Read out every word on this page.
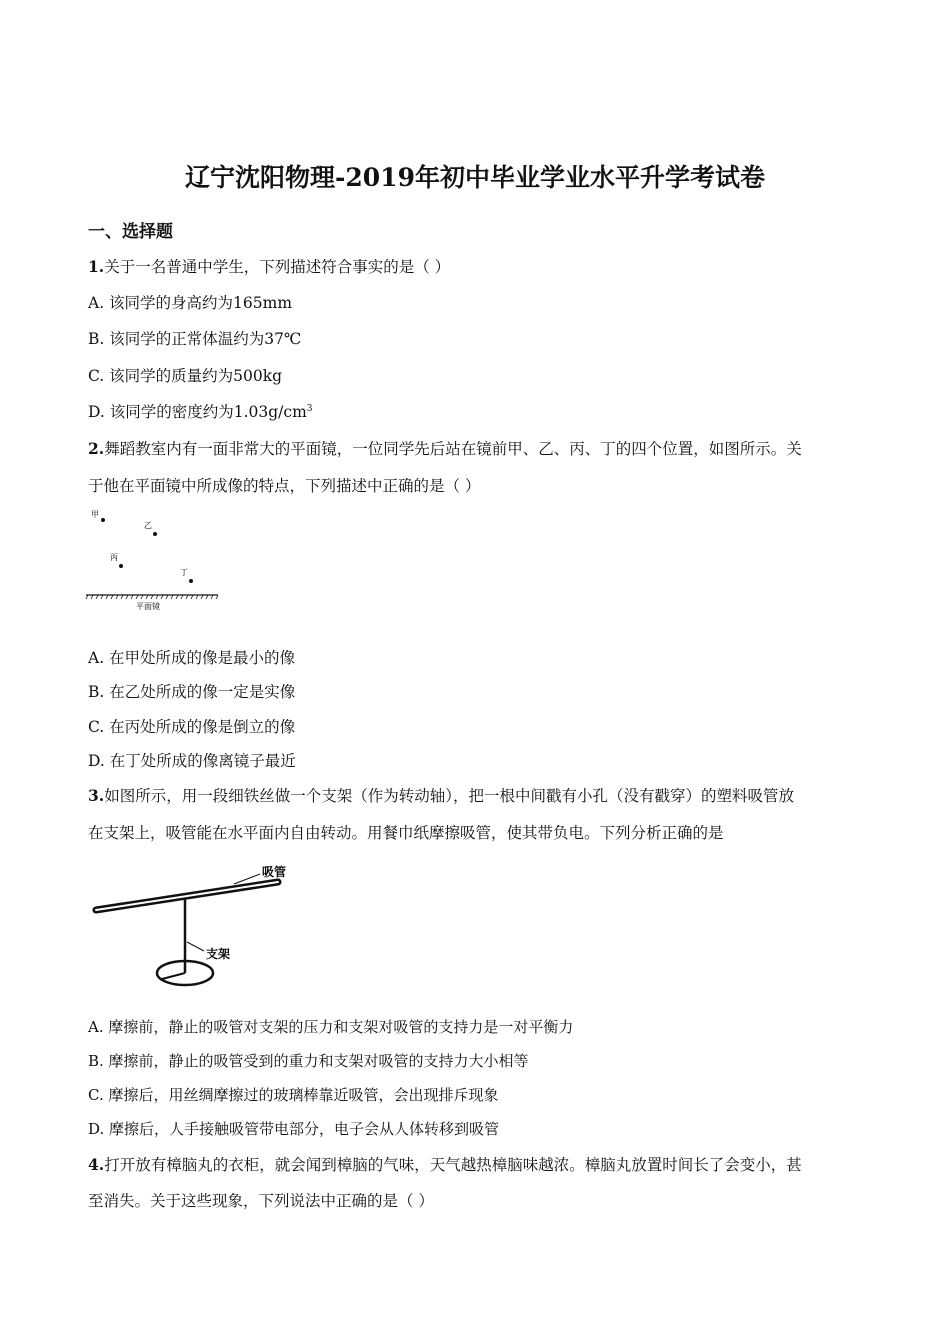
辽宁沈阳物理-2019年初中毕业学业水平升学考试卷
一、选择题
1.关于一名普通中学生，下列描述符合事实的是（ ）
A. 该同学的身高约为165mm
B. 该同学的正常体温约为37℃
C. 该同学的质量约为500kg
D. 该同学的密度约为$1.03g/cm^3$
2.舞蹈教室内有一面非常大的平面镜，一位同学先后站在镜前甲、乙、丙、丁的四个位置，如图所示。关
于他在平面镜中所成像的特点，下列描述中正确的是（ ）
甲
乙
丙
丁
平面镜
A. 在甲处所成的像是最小的像
B. 在乙处所成的像一定是实像
C. 在丙处所成的像是倒立的像
D. 在丁处所成的像离镜子最近
3.如图所示，用一段细铁丝做一个支架（作为转动轴），把一根中间戳有小孔（没有戳穿）的塑料吸管放
在支架上，吸管能在水平面内自由转动。用餐巾纸摩擦吸管，使其带负电。下列分析正确的是
吸管
支架
A. 摩擦前，静止的吸管对支架的压力和支架对吸管的支持力是一对平衡力
B. 摩擦前，静止的吸管受到的重力和支架对吸管的支持力大小相等
C. 摩擦后，用丝绸摩擦过的玻璃棒靠近吸管，会出现排斥现象
D. 摩擦后，人手接触吸管带电部分，电子会从人体转移到吸管
4.打开放有樟脑丸的衣柜，就会闻到樟脑的气味，天气越热樟脑味越浓。樟脑丸放置时间长了会变小，甚
至消失。关于这些现象，下列说法中正确的是（ ）
